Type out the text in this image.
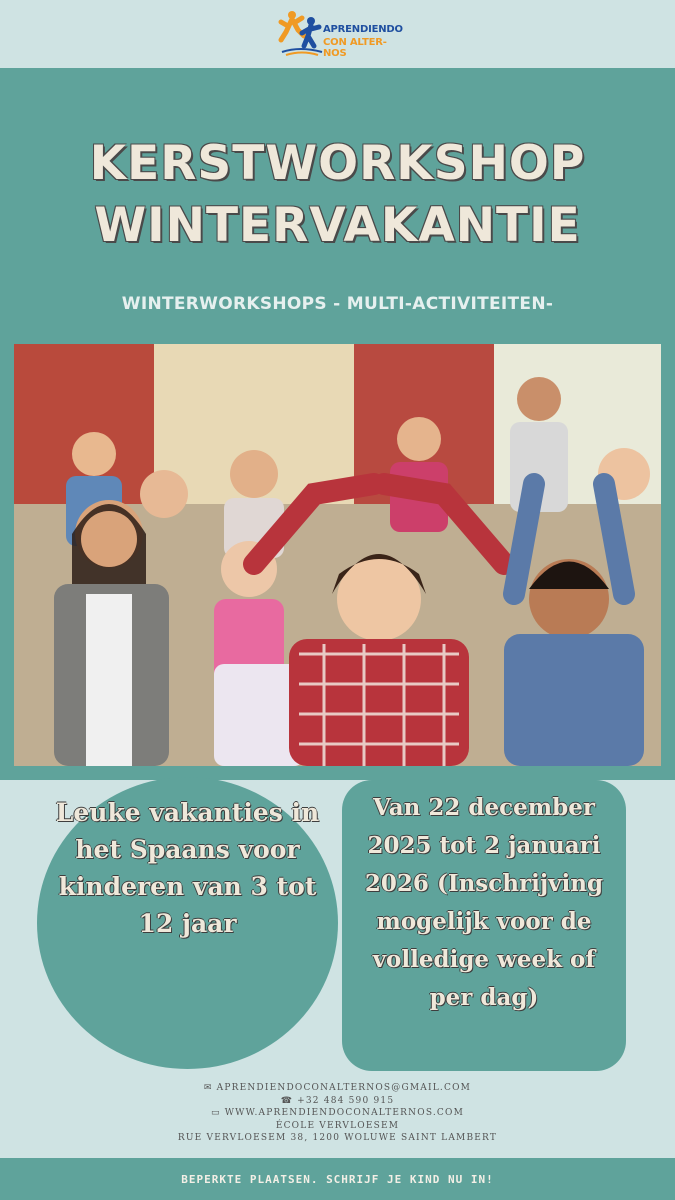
APRENDIENDO
CON ALTER-NOS
KERSTWORKSHOP
WINTERVAKANTIE
WINTERWORKSHOPS - MULTI-ACTIVITEITEN-
Leuke vakanties in het Spaans voor kinderen van 3 tot 12 jaar
Van 22 december 2025 tot 2 januari 2026 (Inschrijving mogelijk voor de volledige week of per dag)
✉ APRENDIENDOCONALTERNOS@GMAIL.COM
☎ +32 484 590 915
▭ WWW.APRENDIENDOCONALTERNOS.COM
ÉCOLE VERVLOESEM
RUE VERVLOESEM 38, 1200 WOLUWE SAINT LAMBERT
BEPERKTE PLAATSEN. SCHRIJF JE KIND NU IN!
